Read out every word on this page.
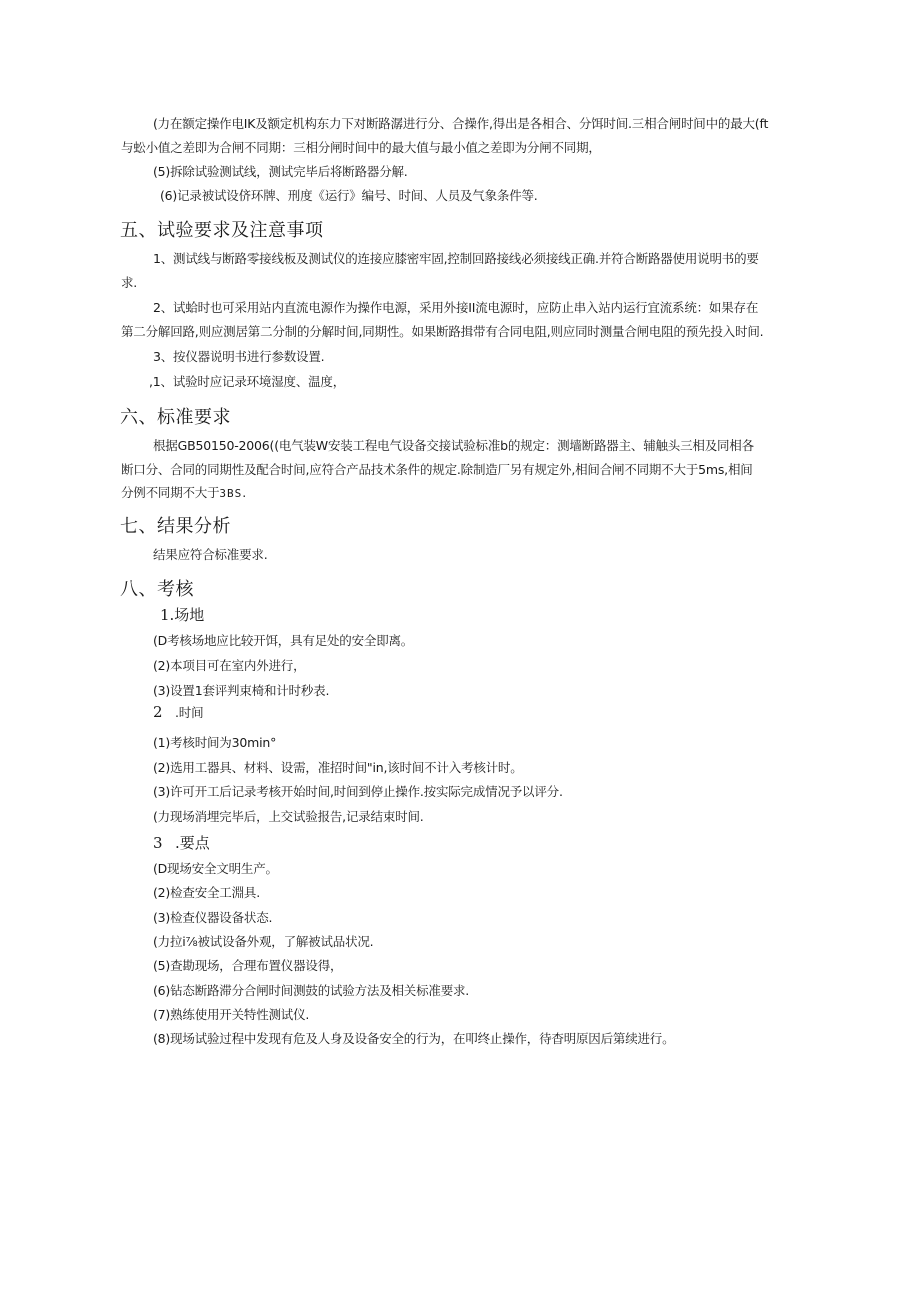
(力在额定操作电IK及额定机构东力下对断路潺进行分、合操作,得出是各相合、分饵时间.三相合闸时间中的最大(ft
与蚣小值之差即为合闸不同期：三相分闸时间中的最大值与最小值之差即为分闸不同期，
(5)拆除试验测试线，测试完毕后将断路器分解.
(6)记录被试设侪环牌、刑度《运行》编号、时间、人员及气象条件等.
五、试验要求及注意事项
1、测试线与断路零接线板及测试仪的连接应膝密牢固,控制回路接线必须接线正确.并符合断路器使用说明书的要
求.
2、试蛤时也可采用站内直流电源作为操作电源，采用外接II流电源时，应防止串入站内运行宜流系统：如果存在
第二分解回路,则应测居第二分制的分解时间,同期性。如果断路揖带有合同电阻,则应同时测量合闸电阻的预先投入时间.
3、按仪器说明书进行参数设置.
,1、试验时应记录环境湿度、温度，
六、标准要求
根据GB50150-2006((电气装W安装工程电气设备交接试验标准b的规定：测墙断路器主、辅触头三相及同相各
断口分、合同的同期性及配合时间,应符合产品技术条件的规定.除制造厂另有规定外,相间合闸不同期不大于5ms,相间
分例不同期不大于3BS.
七、结果分析
结果应符合标准要求.
八、考核
1.场地
(D考核场地应比较开饵，具有足处的安全即离。
(2)本项目可在室内外进行，
(3)设置1套评判束椅和计时秒表.
2 .时间
(1)考核时间为30min°
(2)选用工器具、材料、设需，准招时间"in,该时间不计入考核计时。
(3)许可开工后记录考核开始时间,时间到停止操作.按实际完成情况予以评分.
(力现场消埋完毕后，上交试验报告,记录结束时间.
3 .要点
(D现场安全文明生产。
(2)检查安全工淵具.
(3)检查仪器设备状态.
(力拉i⅞被试设备外观，了解被试品状况.
(5)查勘现场，合理布置仪器设得，
(6)钻态断路滞分合闸时间测鼓的试验方法及相关标准要求.
(7)熟练使用开关特性测试仪.
(8)现场试验过程中发现有危及人身及设备安全的行为，在叩终止操作，待杳明原因后第续进行。
